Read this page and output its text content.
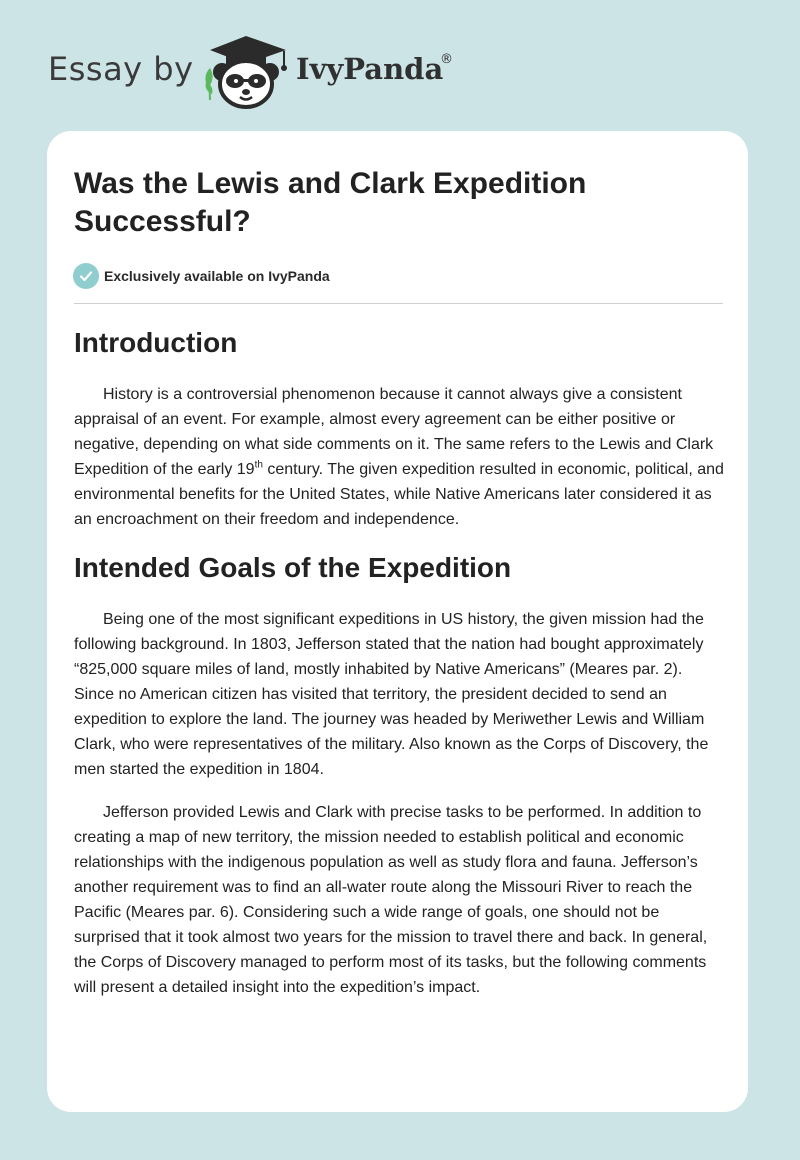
Essay by	IvyPanda
®
Was the Lewis and Clark Expedition Successful?
Exclusively available on IvyPanda
Introduction

History is a controversial phenomenon because it cannot always give a consistent appraisal of an event. For example, almost every agreement can be either positive or negative, depending on what side comments on it. The same refers to the Lewis and Clark Expedition of the early 19th century. The given expedition resulted in economic, political, and environmental benefits for the United States, while Native Americans later considered it as an encroachment on their freedom and independence.

Intended Goals of the Expedition

Being one of the most significant expeditions in US history, the given mission had the following background. In 1803, Jefferson stated that the nation had bought approximately “825,000 square miles of land, mostly inhabited by Native Americans” (Meares par. 2). Since no American citizen has visited that territory, the president decided to send an expedition to explore the land. The journey was headed by Meriwether Lewis and William Clark, who were representatives of the military. Also known as the Corps of Discovery, the men started the expedition in 1804.

Jefferson provided Lewis and Clark with precise tasks to be performed. In addition to creating a map of new territory, the mission needed to establish political and economic relationships with the indigenous population as well as study flora and fauna. Jefferson’s another requirement was to find an all-water route along the Missouri River to reach the Pacific (Meares par. 6). Considering such a wide range of goals, one should not be surprised that it took almost two years for the mission to travel there and back. In general, the Corps of Discovery managed to perform most of its tasks, but the following comments will present a detailed insight into the expedition’s impact.
